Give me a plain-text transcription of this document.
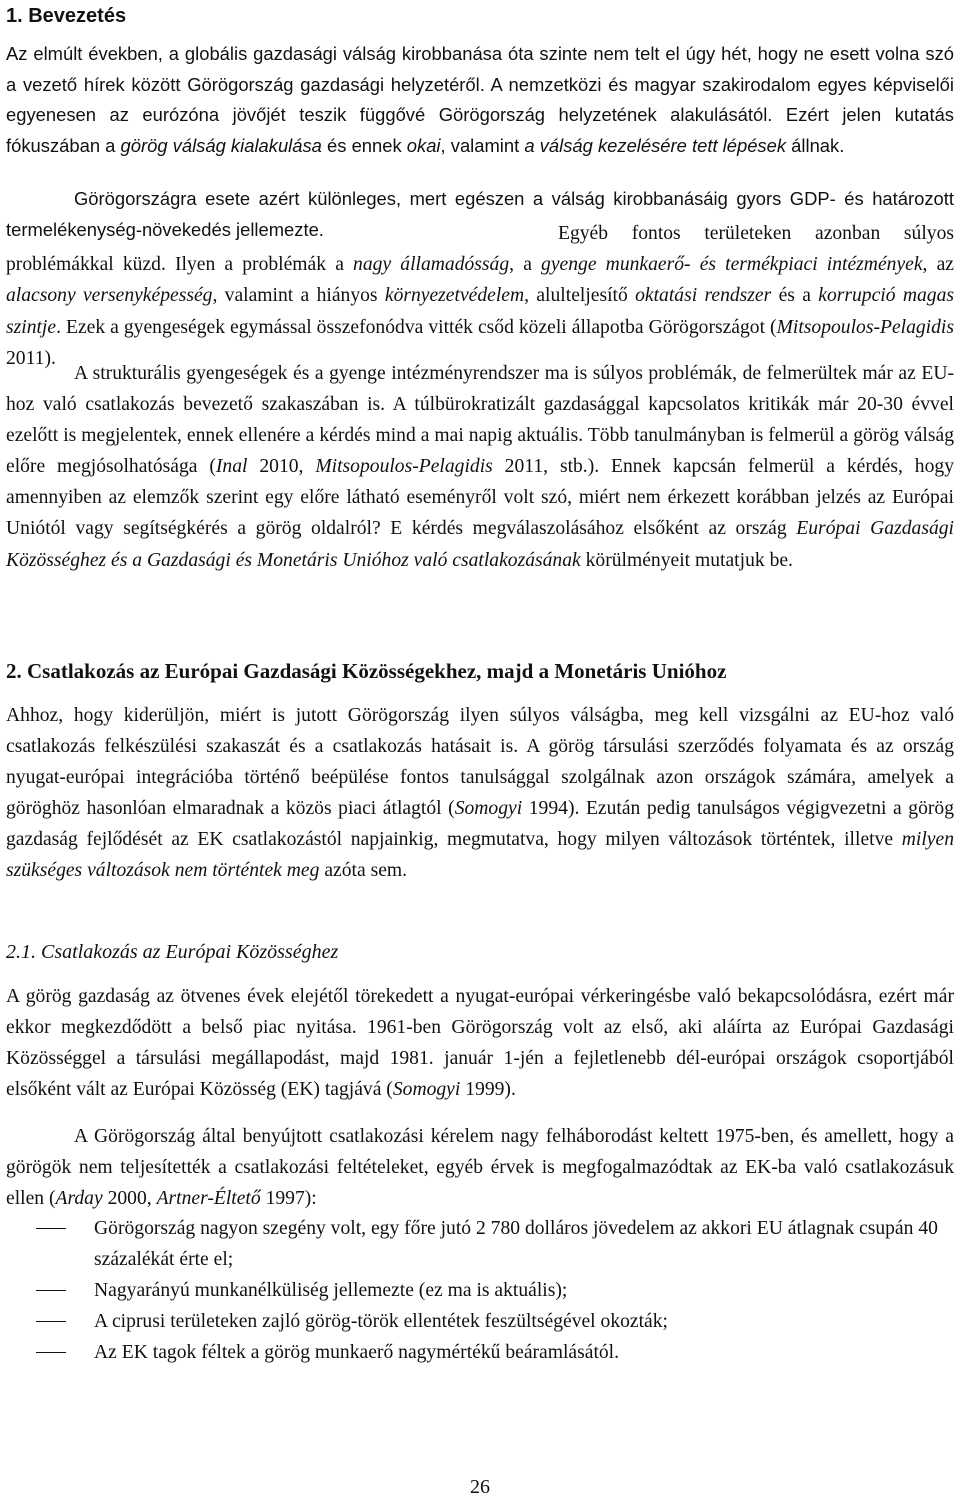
1. Bevezetés

Az elmúlt években, a globális gazdasági válság kirobbanása óta szinte nem telt el úgy hét, hogy ne esett volna szó a vezető hírek között Görögország gazdasági helyzetéről. A nemzetközi és magyar szakirodalom egyes képviselői egyenesen az eurózóna jövőjét teszik függővé Görögország helyzetének alakulásától. Ezért jelen kutatás fókuszában a görög válság kialakulása és ennek okai, valamint a válság kezelésére tett lépések állnak.

Görögországra esete azért különleges, mert egészen a válság kirobbanásáig gyors GDP- és határozott termelékenység-növekedés jellemezte.	Egyéb fontos területeken azonban súlyos problémákkal küzd. Ilyen a problémák a nagy államadósság, a gyenge munkaerő- és termékpiaci intézmények, az alacsony versenyképesség, valamint a hiányos környezetvédelem, alulteljesítő oktatási rendszer és a korrupció magas szintje. Ezek a gyengeségek egymással összefonódva vitték csőd közeli állapotba Görögországot (Mitsopoulos-Pelagidis 2011).

A strukturális gyengeségek és a gyenge intézményrendszer ma is súlyos problémák, de felmerültek már az EU-hoz való csatlakozás bevezető szakaszában is. A túlbürokratizált gazdasággal kapcsolatos kritikák már 20-30 évvel ezelőtt is megjelentek, ennek ellenére a kérdés mind a mai napig aktuális. Több tanulmányban is felmerül a görög válság előre megjósolhatósága (Inal 2010, Mitsopoulos-Pelagidis 2011, stb.). Ennek kapcsán felmerül a kérdés, hogy amennyiben az elemzők szerint egy előre látható eseményről volt szó, miért nem érkezett korábban jelzés az Európai Uniótól vagy segítségkérés a görög oldalról? E kérdés megválaszolásához elsőként az ország Európai Gazdasági Közösséghez és a Gazdasági és Monetáris Unióhoz való csatlakozásának körülményeit mutatjuk be.

2. Csatlakozás az Európai Gazdasági Közösségekhez, majd a Monetáris Unióhoz

Ahhoz, hogy kiderüljön, miért is jutott Görögország ilyen súlyos válságba, meg kell vizsgálni az EU-hoz való csatlakozás felkészülési szakaszát és a csatlakozás hatásait is. A görög társulási szerződés folyamata és az ország nyugat-európai integrációba történő beépülése fontos tanulsággal szolgálnak azon országok számára, amelyek a göröghöz hasonlóan elmaradnak a közös piaci átlagtól (Somogyi 1994). Ezután pedig tanulságos végigvezetni a görög gazdaság fejlődését az EK csatlakozástól napjainkig, megmutatva, hogy milyen változások történtek, illetve milyen szükséges változások nem történtek meg azóta sem.

2.1. Csatlakozás az Európai Közösséghez

A görög gazdaság az ötvenes évek elejétől törekedett a nyugat-európai vérkeringésbe való bekapcsolódásra, ezért már ekkor megkezdődött a belső piac nyitása. 1961-ben Görögország volt az első, aki aláírta az Európai Gazdasági Közösséggel a társulási megállapodást, majd 1981. január 1-jén a fejletlenebb dél-európai országok csoportjából elsőként vált az Európai Közösség (EK) tagjává (Somogyi 1999).

A Görögország által benyújtott csatlakozási kérelem nagy felháborodást keltett 1975-ben, és amellett, hogy a görögök nem teljesítették a csatlakozási feltételeket, egyéb érvek is megfogalmazódtak az EK-ba való csatlakozásuk ellen (Arday 2000, Artner-Éltető 1997):

Görögország nagyon szegény volt, egy főre jutó 2 780 dolláros jövedelem az akkori EU átlagnak csupán 40 százalékát érte el;
Nagyarányú munkanélküliség jellemezte (ez ma is aktuális);
A ciprusi területeken zajló görög-török ellentétek feszültségével okozták;
Az EK tagok féltek a görög munkaerő nagymértékű beáramlásától.
26
